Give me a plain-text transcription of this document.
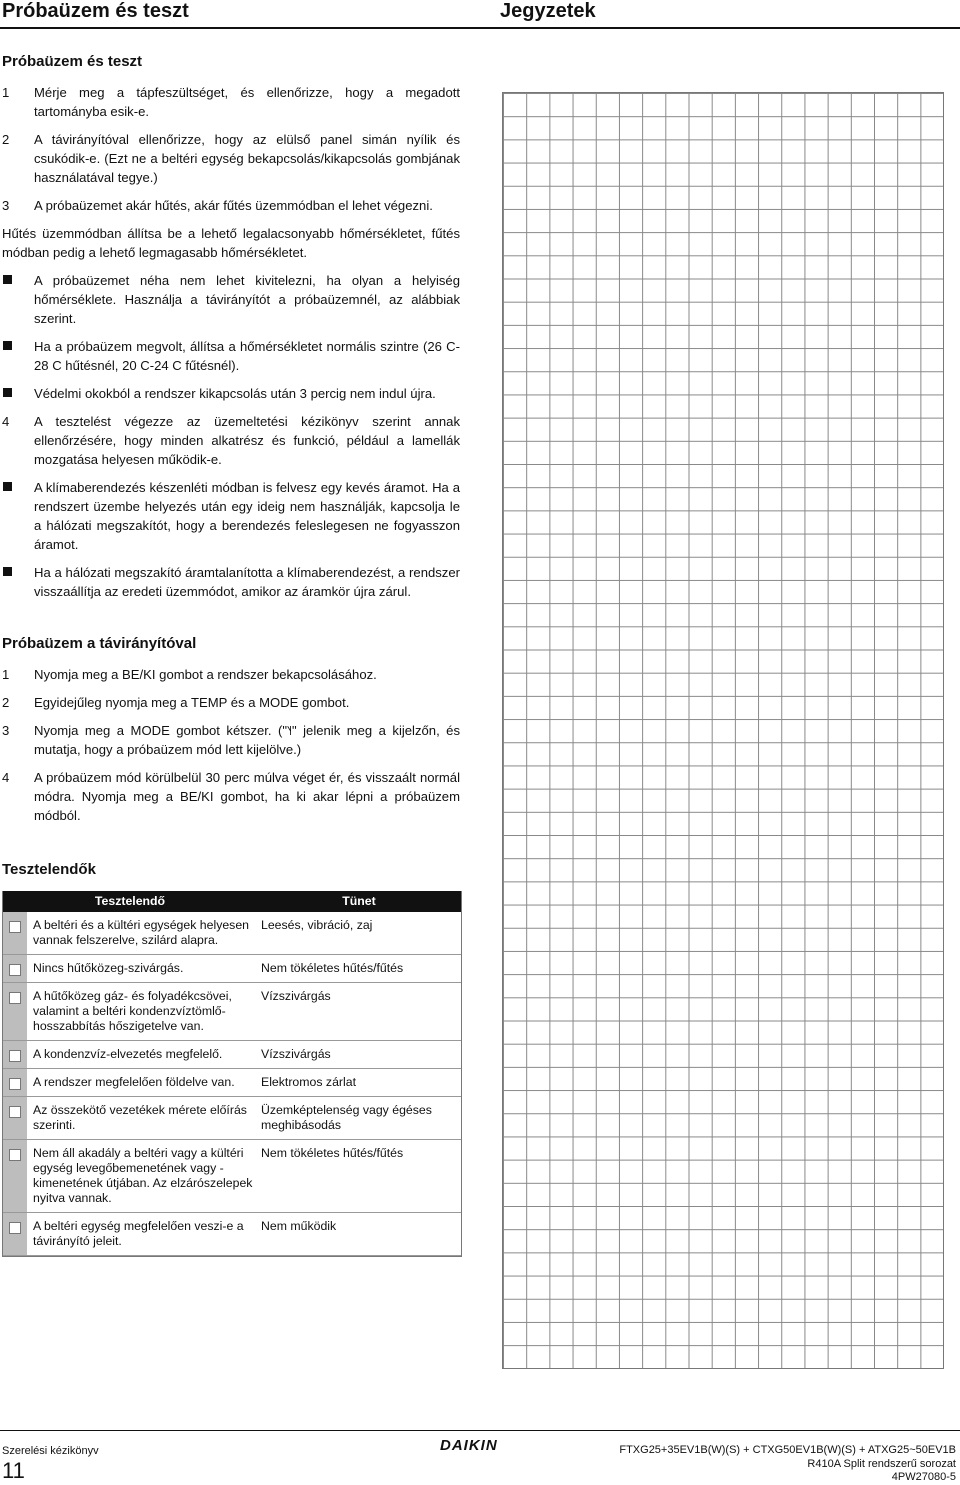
Próbaüzem és teszt	Jegyzetek
Próbaüzem és teszt
1 Mérje meg a tápfeszültséget, és ellenőrizze, hogy a megadott tartományba esik-e.
2 A távirányítóval ellenőrizze, hogy az elülső panel simán nyílik és csukódik-e. (Ezt ne a beltéri egység bekapcsolás/kikapcsolás gombjának használatával tegye.)
3 A próbaüzemet akár hűtés, akár fűtés üzemmódban el lehet végezni.
Hűtés üzemmódban állítsa be a lehető legalacsonyabb hőmérsékletet, fűtés módban pedig a lehető legmagasabb hőmérsékletet.
A próbaüzemet néha nem lehet kivitelezni, ha olyan a helyiség hőmérséklete. Használja a távirányítót a próbaüzemnél, az alábbiak szerint.
Ha a próbaüzem megvolt, állítsa a hőmérsékletet normális szintre (26 C-28 C hűtésnél, 20 C-24 C fűtésnél).
Védelmi okokból a rendszer kikapcsolás után 3 percig nem indul újra.
4 A tesztelést végezze az üzemeltetési kézikönyv szerint annak ellenőrzésére, hogy minden alkatrész és funkció, például a lamellák mozgatása helyesen működik-e.
A klímaberendezés készenléti módban is felvesz egy kevés áramot. Ha a rendszert üzembe helyezés után egy ideig nem használják, kapcsolja le a hálózati megszakítót, hogy a berendezés feleslegesen ne fogyasszon áramot.
Ha a hálózati megszakító áramtalanította a klímaberendezést, a rendszer visszaállítja az eredeti üzemmódot, amikor az áramkör újra zárul.
Próbaüzem a távirányítóval
1 Nyomja meg a BE/KI gombot a rendszer bekapcsolásához.
2 Egyidejűleg nyomja meg a TEMP és a MODE gombot.
3 Nyomja meg a MODE gombot kétszer. ("˥˧" jelenik meg a kijelzőn, és mutatja, hogy a próbaüzem mód lett kijelölve.)
4 A próbaüzem mód körülbelül 30 perc múlva véget ér, és visszaált normál módra. Nyomja meg a BE/KI gombot, ha ki akar lépni a próbaüzem módból.
Tesztelendők
Tesztelendő		Tünet
	A beltéri és a kültéri egységek helyesen vannak felszerelve, szilárd alapra.	Leesés, vibráció, zaj
	Nincs hűtőközeg-szivárgás.	Nem tökéletes hűtés/fűtés
	A hűtőközeg gáz- és folyadékcsövei, valamint a beltéri kondenzvíztömlő-hosszabbítás hőszigetelve van.	Vízszivárgás
	A kondenzvíz-elvezetés megfelelő.	Vízszivárgás
	A rendszer megfelelően földelve van.	Elektromos zárlat
	Az összekötő vezetékek mérete előírás szerinti.	Üzemképtelenség vagy égéses meghibásodás
	Nem áll akadály a beltéri vagy a kültéri egység levegőbemenetének vagy -kimenetének útjában. Az elzárószelepek nyitva vannak.	Nem tökéletes hűtés/fűtés
	A beltéri egység megfelelően veszi-e a távirányító jeleit.	Nem működik
Szerelési kézikönyv
11
DAIKIN	FTXG25+35EV1B(W)(S) + CTXG50EV1B(W)(S) + ATXG25~50EV1B
R410A Split rendszerű sorozat
4PW27080-5
